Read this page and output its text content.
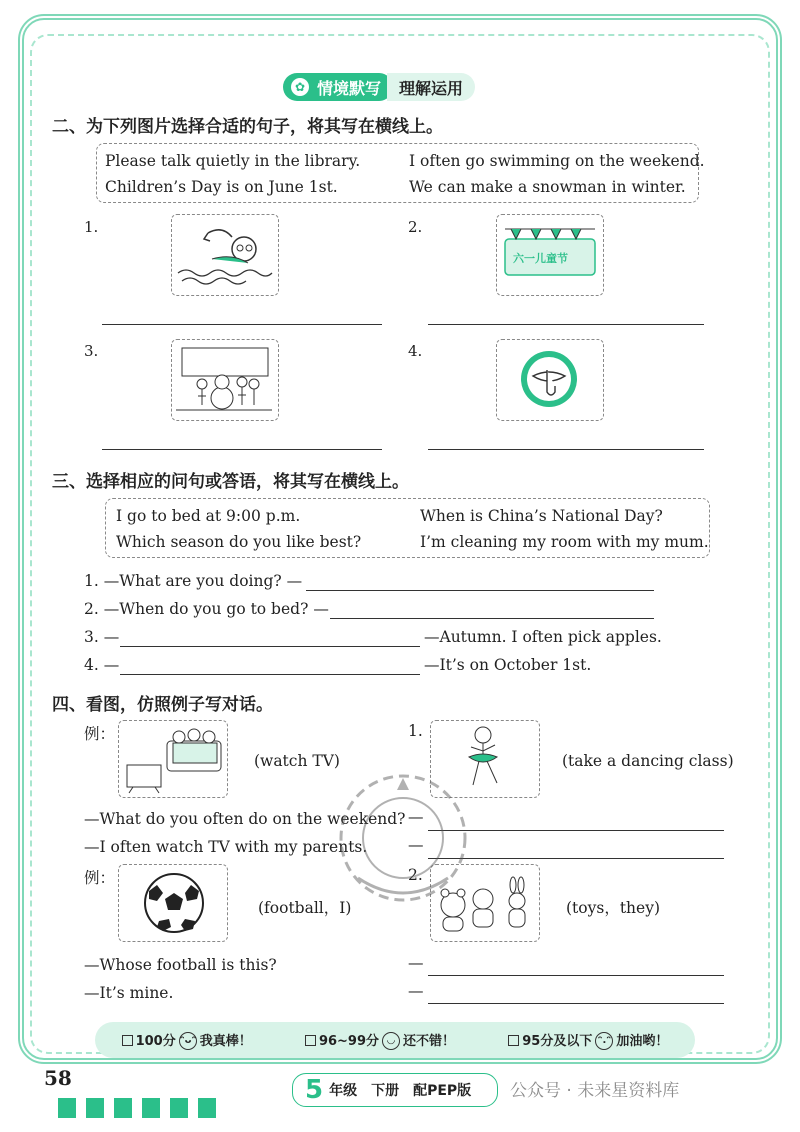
✿ 情境默写	理解运用
二、为下列图片选择合适的句子，将其写在横线上。
Please talk quietly in the library.	I often go swimming on the weekend.
Children’s Day is on June 1st.	We can make a snowman in winter.
1.	2.
六一儿童节
3.	4.
三、选择相应的问句或答语，将其写在横线上。
I go to bed at 9:00 p.m.	When is China’s National Day?
Which season do you like best?	I’m cleaning my room with my mum.
1. —What are you doing? —
2. —When do you go to bed? —
3. —	—Autumn. I often pick apples.
4. —	—It’s on October 1st.
四、看图，仿照例子写对话。
例：
(watch TV)
1.
(take a dancing class)
—What do you often do on the weekend?
—I often watch TV with my parents.
—
—
例：
(football，I)
2.
(toys，they)
—Whose football is this?
—It’s mine.
—
—
100分 ᵔᴗᵔ 我真棒！	96~99分 ◡ 还不错！	95分及以下 ᵔ.ᵔ 加油哟！
58	5 年级 下册 配PEP版 公众号 · 未来星资料库
